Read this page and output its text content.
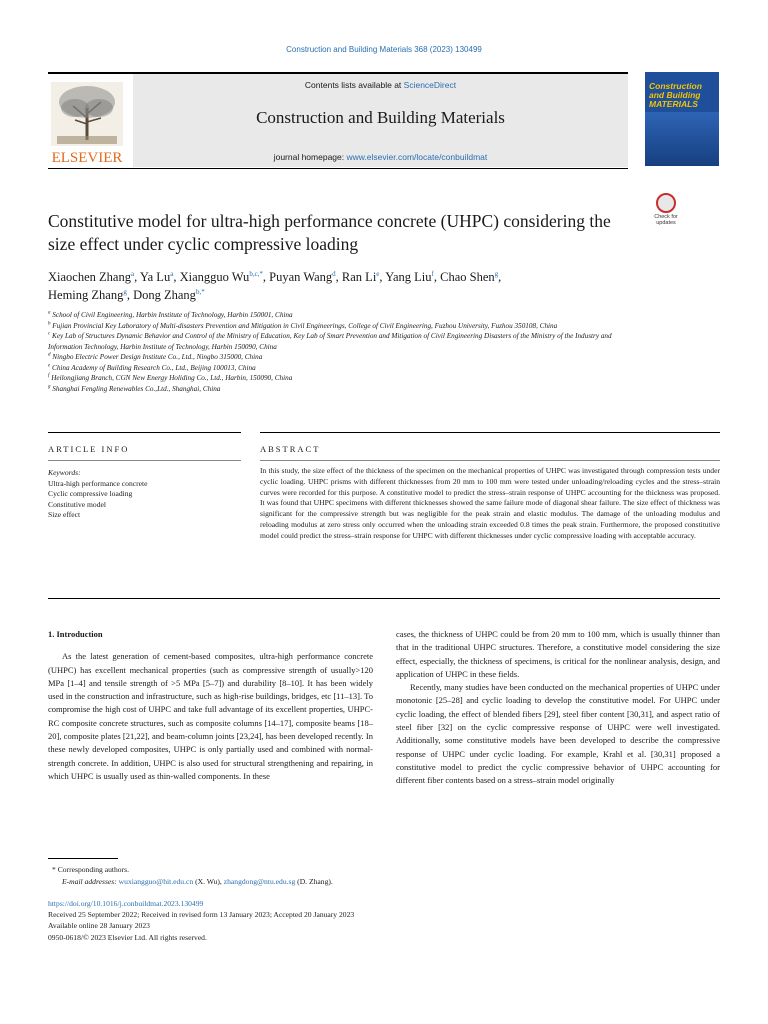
Construction and Building Materials 368 (2023) 130499
ELSEVIER
Contents lists available at ScienceDirect
Construction and Building Materials
journal homepage: www.elsevier.com/locate/conbuildmat
Construction and Building MATERIALS
Check for updates
Constitutive model for ultra-high performance concrete (UHPC) considering the size effect under cyclic compressive loading
Xiaochen Zhang$^a$, Ya Lu$^a$, Xiangguo $Wu^{b,c,*}$, Puyan Wang$^d$, Ran Li$^e$, Yang Liu$^f$, Chao Shen$^g$,
Heming Zhang$^g$, Dong Zhang$^{b,*}$

$^a$ School of Civil Engineering, Harbin Institute of Technology, Harbin 150001, China

$^b$ Fujian Provincial Key Laboratory of Multi-disasters Prevention and Mitigation in Civil Engineerings, College of Civil Engineering, Fuzhou University, Fuzhou 350108, China

$^c$ Key Lab of Structures Dynamic Behavior and Control of the Ministry of Education, Key Lab of Smart Prevention and Mitigation of Civil Engineering Disasters of the Ministry of the Industry and Information Technology, Harbin Institute of Technology, Harbin 150090, China

$^d$ Ningbo Electric Power Design Institute Co., Ltd., Ningbo 315000, China

$^e$ China Academy of Building Research Co., Ltd., Beijing 100013, China

$^f$ Heilongjiang Branch, CGN New Energy Holiding Co., Ltd., Harbin, 150090, China

$^g$ Shanghai Fengling Renewables Co.,Ltd., Shanghai, China

ARTICLE INFO	ABSTRACT
Keywords:
Ultra-high performance concrete
Cyclic compressive loading
Constitutive model
Size effect
In this study, the size effect of the thickness of the specimen on the mechanical properties of UHPC was investigated through compression tests under cyclic loading. UHPC prisms with different thicknesses from 20 mm to 100 mm were tested under unloading/reloading cycles and the stress–strain curves were recorded for this purpose. A constitutive model to predict the stress–strain response of UHPC accounting for the thickness was proposed. It was found that UHPC specimens with different thicknesses showed the same failure mode of diagonal shear failure. The size effect of thickness was significant for the compressive strength but was negligible for the peak strain and elastic modulus. The damage of the unloading modulus and reloading modulus at zero stress only occurred when the unloading strain exceeded 0.8 times the peak strain. Furthermore, the proposed constitutive model could predict the stress–strain response for UHPC with different thicknesses under cyclic compressive loading with acceptable accuracy.
1. Introduction

As the latest generation of cement-based composites, ultra-high performance concrete (UHPC) has excellent mechanical properties (such as compressive strength of usually>120 MPa [1–4] and tensile strength of >5 MPa [5–7]) and durability [8–10]. It has been widely used in the construction and infrastructure, such as high-rise buildings, bridges, etc [11–13]. To compromise the high cost of UHPC and take full advantage of its excellent properties, UHPC-RC composite concrete structures, such as composite columns [14–17], composite beams [18–20], composite plates [21,22], and beam-column joints [23,24], has been developed recently. In these newly developed composites, UHPC is only partially used and combined with normal-strength concrete. In addition, UHPC is also used for structural strengthening and repairing, in which UHPC is usually used as thin-walled components. In these

cases, the thickness of UHPC could be from 20 mm to 100 mm, which is usually thinner than that in the traditional UHPC structures. Therefore, a constitutive model considering the size effect, especially, the thickness of specimens, is critical for the nonlinear analysis, design, and application of UHPC in these fields.

Recently, many studies have been conducted on the mechanical properties of UHPC under monotonic [25–28] and cyclic loading to develop the constitutive model. For UHPC under cyclic loading, the effect of blended fibers [29], steel fiber content [30,31], and aspect ratio of steel fiber [32] on the cyclic compressive response of UHPC were well investigated. Additionally, some constitutive models have been developed to describe the compressive response of UHPC under cyclic loading. For example, Krahl et al. [30,31] proposed a constitutive model to predict the cyclic compressive behavior of UHPC accounting for different fiber contents based on a stress–strain model originally

* Corresponding authors.
E-mail addresses: wuxiangguo@hit.edu.cn (X. Wu), zhangdong@ntu.edu.sg (D. Zhang).
https://doi.org/10.1016/j.conbuildmat.2023.130499
Received 25 September 2022; Received in revised form 13 January 2023; Accepted 20 January 2023
Available online 28 January 2023
0950-0618/© 2023 Elsevier Ltd. All rights reserved.
